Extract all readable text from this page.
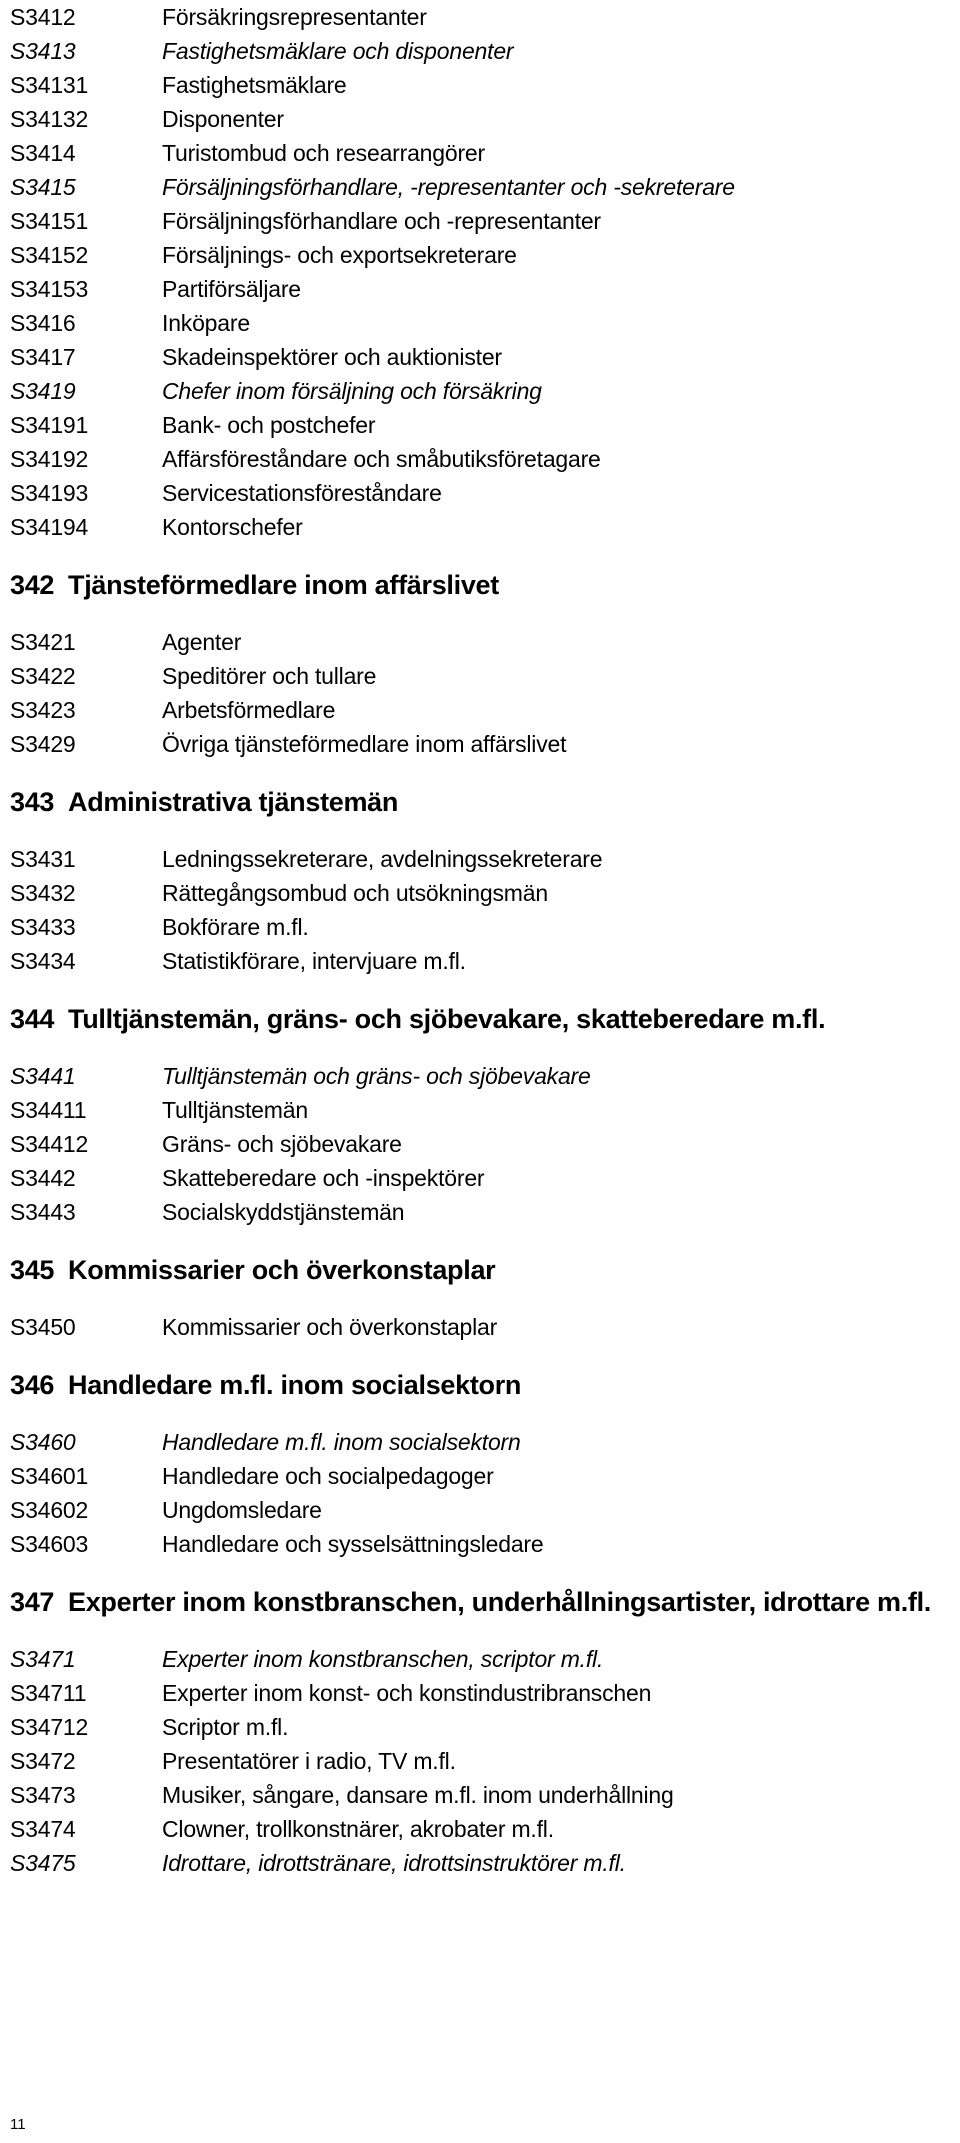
S3412	Försäkringsrepresentanter
S3413	Fastighetsmäklare och disponenter
S34131	Fastighetsmäklare
S34132	Disponenter
S3414	Turistombud och researrangörer
S3415	Försäljningsförhandlare, -representanter och -sekreterare
S34151	Försäljningsförhandlare och -representanter
S34152	Försäljnings- och exportsekreterare
S34153	Partiförsäljare
S3416	Inköpare
S3417	Skadeinspektörer och auktionister
S3419	Chefer inom försäljning och försäkring
S34191	Bank- och postchefer
S34192	Affärsföreståndare och småbutiksföretagare
S34193	Servicestationsföreståndare
S34194	Kontorschefer
342 Tjänsteförmedlare inom affärslivet
S3421	Agenter
S3422	Speditörer och tullare
S3423	Arbetsförmedlare
S3429	Övriga tjänsteförmedlare inom affärslivet
343 Administrativa tjänstemän
S3431	Ledningssekreterare, avdelningssekreterare
S3432	Rättegångsombud och utsökningsmän
S3433	Bokförare m.fl.
S3434	Statistikförare, intervjuare m.fl.
344 Tulltjänstemän, gräns- och sjöbevakare, skatteberedare m.fl.
S3441	Tulltjänstemän och gräns- och sjöbevakare
S34411	Tulltjänstemän
S34412	Gräns- och sjöbevakare
S3442	Skatteberedare och -inspektörer
S3443	Socialskyddstjänstemän
345 Kommissarier och överkonstaplar
S3450	Kommissarier och överkonstaplar
346 Handledare m.fl. inom socialsektorn
S3460	Handledare m.fl. inom socialsektorn
S34601	Handledare och socialpedagoger
S34602	Ungdomsledare
S34603	Handledare och sysselsättningsledare
347 Experter inom konstbranschen, underhållningsartister, idrottare m.fl.
S3471	Experter inom konstbranschen, scriptor m.fl.
S34711	Experter inom konst- och konstindustribranschen
S34712	Scriptor m.fl.
S3472	Presentatörer i radio, TV m.fl.
S3473	Musiker, sångare, dansare m.fl. inom underhållning
S3474	Clowner, trollkonstnärer, akrobater m.fl.
S3475	Idrottare, idrottstränare, idrottsinstruktörer m.fl.
11
